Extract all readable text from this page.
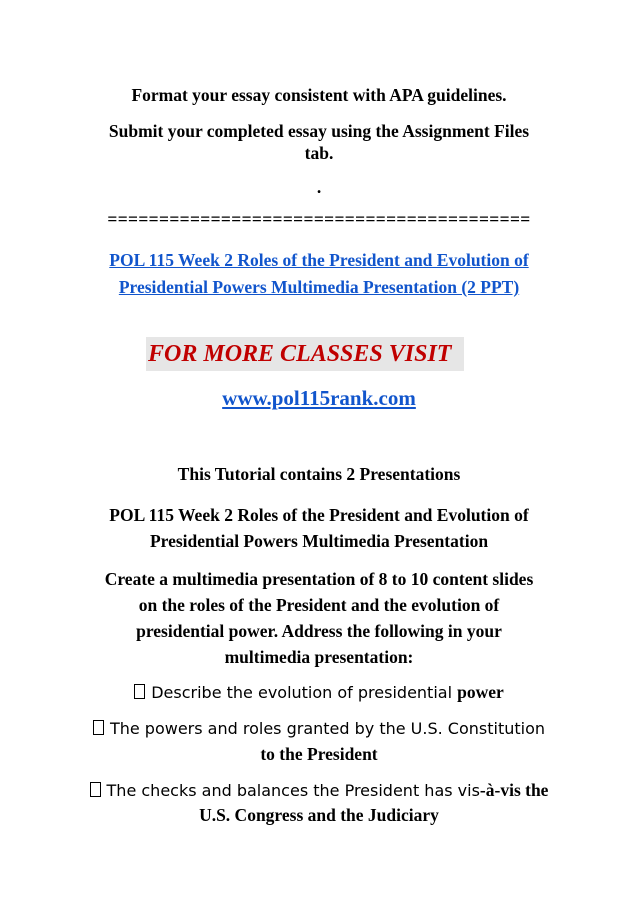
Format your essay consistent with APA guidelines.
Submit your completed essay using the Assignment Files
tab.
.
=========================================
POL 115 Week 2 Roles of the President and Evolution of
Presidential Powers Multimedia Presentation (2 PPT)
FOR MORE CLASSES VISIT
www.pol115rank.com
This Tutorial contains 2 Presentations
POL 115 Week 2 Roles of the President and Evolution of
Presidential Powers Multimedia Presentation
Create a multimedia presentation of 8 to 10 content slides
on the roles of the President and the evolution of
presidential power. Address the following in your
multimedia presentation:
Describe the evolution of presidential power
The powers and roles granted by the U.S. Constitution
to the President
The checks and balances the President has vis-à-vis the
U.S. Congress and the Judiciary
